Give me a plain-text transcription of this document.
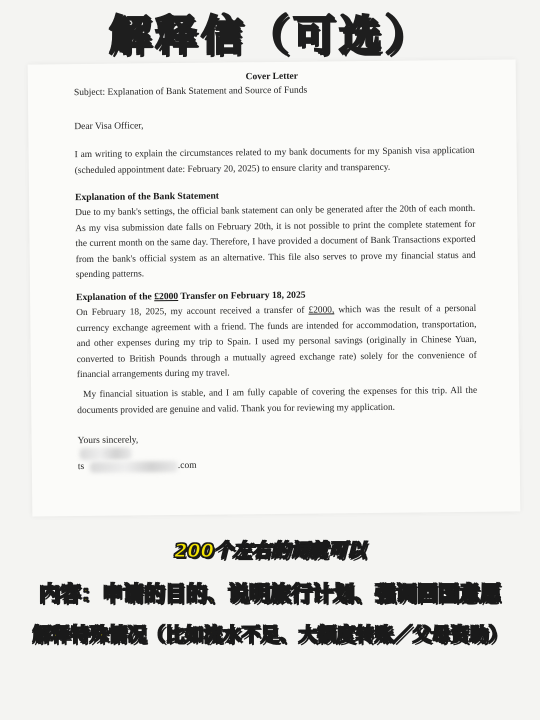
解释信（可选）
Cover Letter
Subject: Explanation of Bank Statement and Source of Funds
Dear Visa Officer,
I am writing to explain the circumstances related to my bank documents for my Spanish visa application (scheduled appointment date: February 20, 2025) to ensure clarity and transparency.
Explanation of the Bank Statement
Due to my bank's settings, the official bank statement can only be generated after the 20th of each month. As my visa submission date falls on February 20th, it is not possible to print the complete statement for the current month on the same day. Therefore, I have provided a document of Bank Transactions exported from the bank's official system as an alternative. This file also serves to prove my financial status and spending patterns.
Explanation of the £2000 Transfer on February 18, 2025
On February 18, 2025, my account received a transfer of £2000, which was the result of a personal currency exchange agreement with a friend. The funds are intended for accommodation, transportation, and other expenses during my trip to Spain. I used my personal savings (originally in Chinese Yuan, converted to British Pounds through a mutually agreed exchange rate) solely for the convenience of financial arrangements during my travel.
My financial situation is stable, and I am fully capable of covering the expenses for this trip. All the documents provided are genuine and valid. Thank you for reviewing my application.
Yours sincerely,
ts	.com
200个左右的词就可以
内容：申请的目的、说明旅行计划、强调回国意愿
解释特殊情况（比如流水不足、大额度转账／父母资助）
